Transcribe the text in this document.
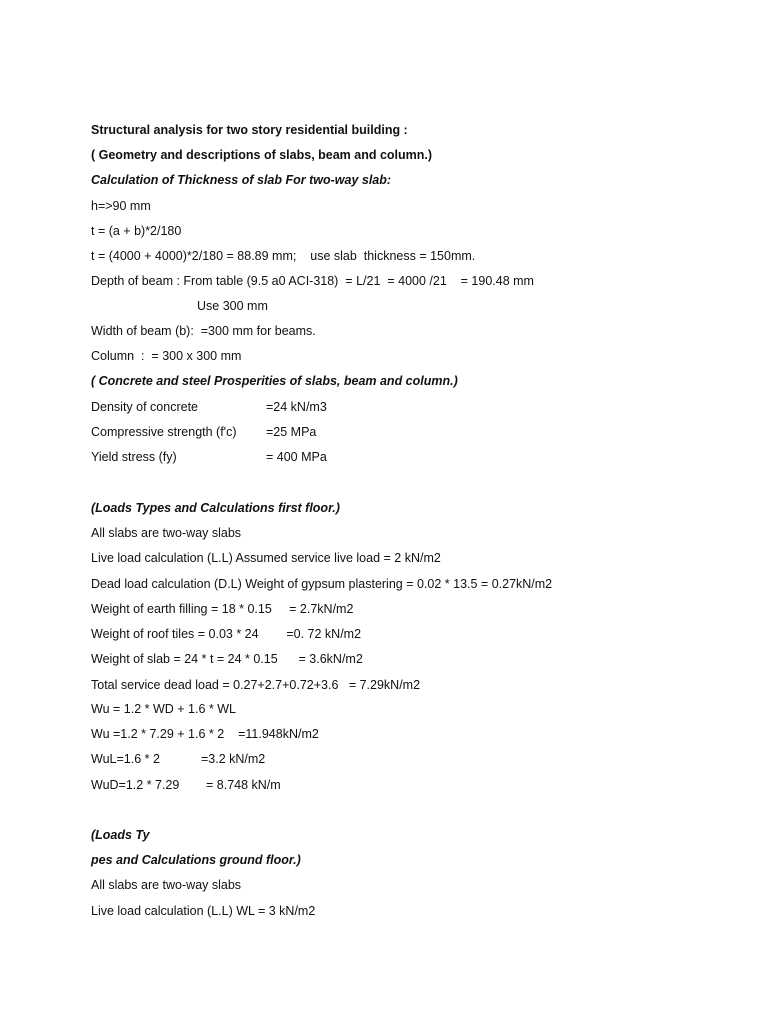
Structural analysis for two story residential building :
( Geometry and descriptions of slabs, beam and column.)
Calculation of Thickness of slab For two-way slab:
h=>90 mm
t = (a + b)*2/180
t = (4000 + 4000)*2/180 = 88.89 mm;    use slab  thickness = 150mm.
Depth of beam : From table (9.5 a0 ACI-318)  = L/21  = 4000 /21    = 190.48 mm
Use 300 mm
Width of beam (b):  =300 mm for beams.
Column  :  = 300 x 300 mm
( Concrete and steel Prosperities of slabs, beam and column.)
Density of concrete	=24 kN/m3
Compressive strength (f'c) =25 MPa
Yield stress (fy)	= 400 MPa
(Loads Types and Calculations first floor.)
All slabs are two-way slabs
Live load calculation (L.L) Assumed service live load = 2 kN/m2
Dead load calculation (D.L) Weight of gypsum plastering = 0.02 * 13.5 = 0.27kN/m2
Weight of earth filling = 18 * 0.15     = 2.7kN/m2
Weight of roof tiles = 0.03 * 24        =0. 72 kN/m2
Weight of slab = 24 * t = 24 * 0.15      = 3.6kN/m2
Total service dead load = 0.27+2.7+0.72+3.6   = 7.29kN/m2
Wu = 1.2 * WD + 1.6 * WL
Wu =1.2 * 7.29 + 1.6 * 2    =11.948kN/m2
WuL=1.6 * 2	=3.2 kN/m2
WuD=1.2 * 7.29 = 8.748 kN/m
(Loads Ty
pes and Calculations ground floor.)
All slabs are two-way slabs
Live load calculation (L.L) WL = 3 kN/m2
